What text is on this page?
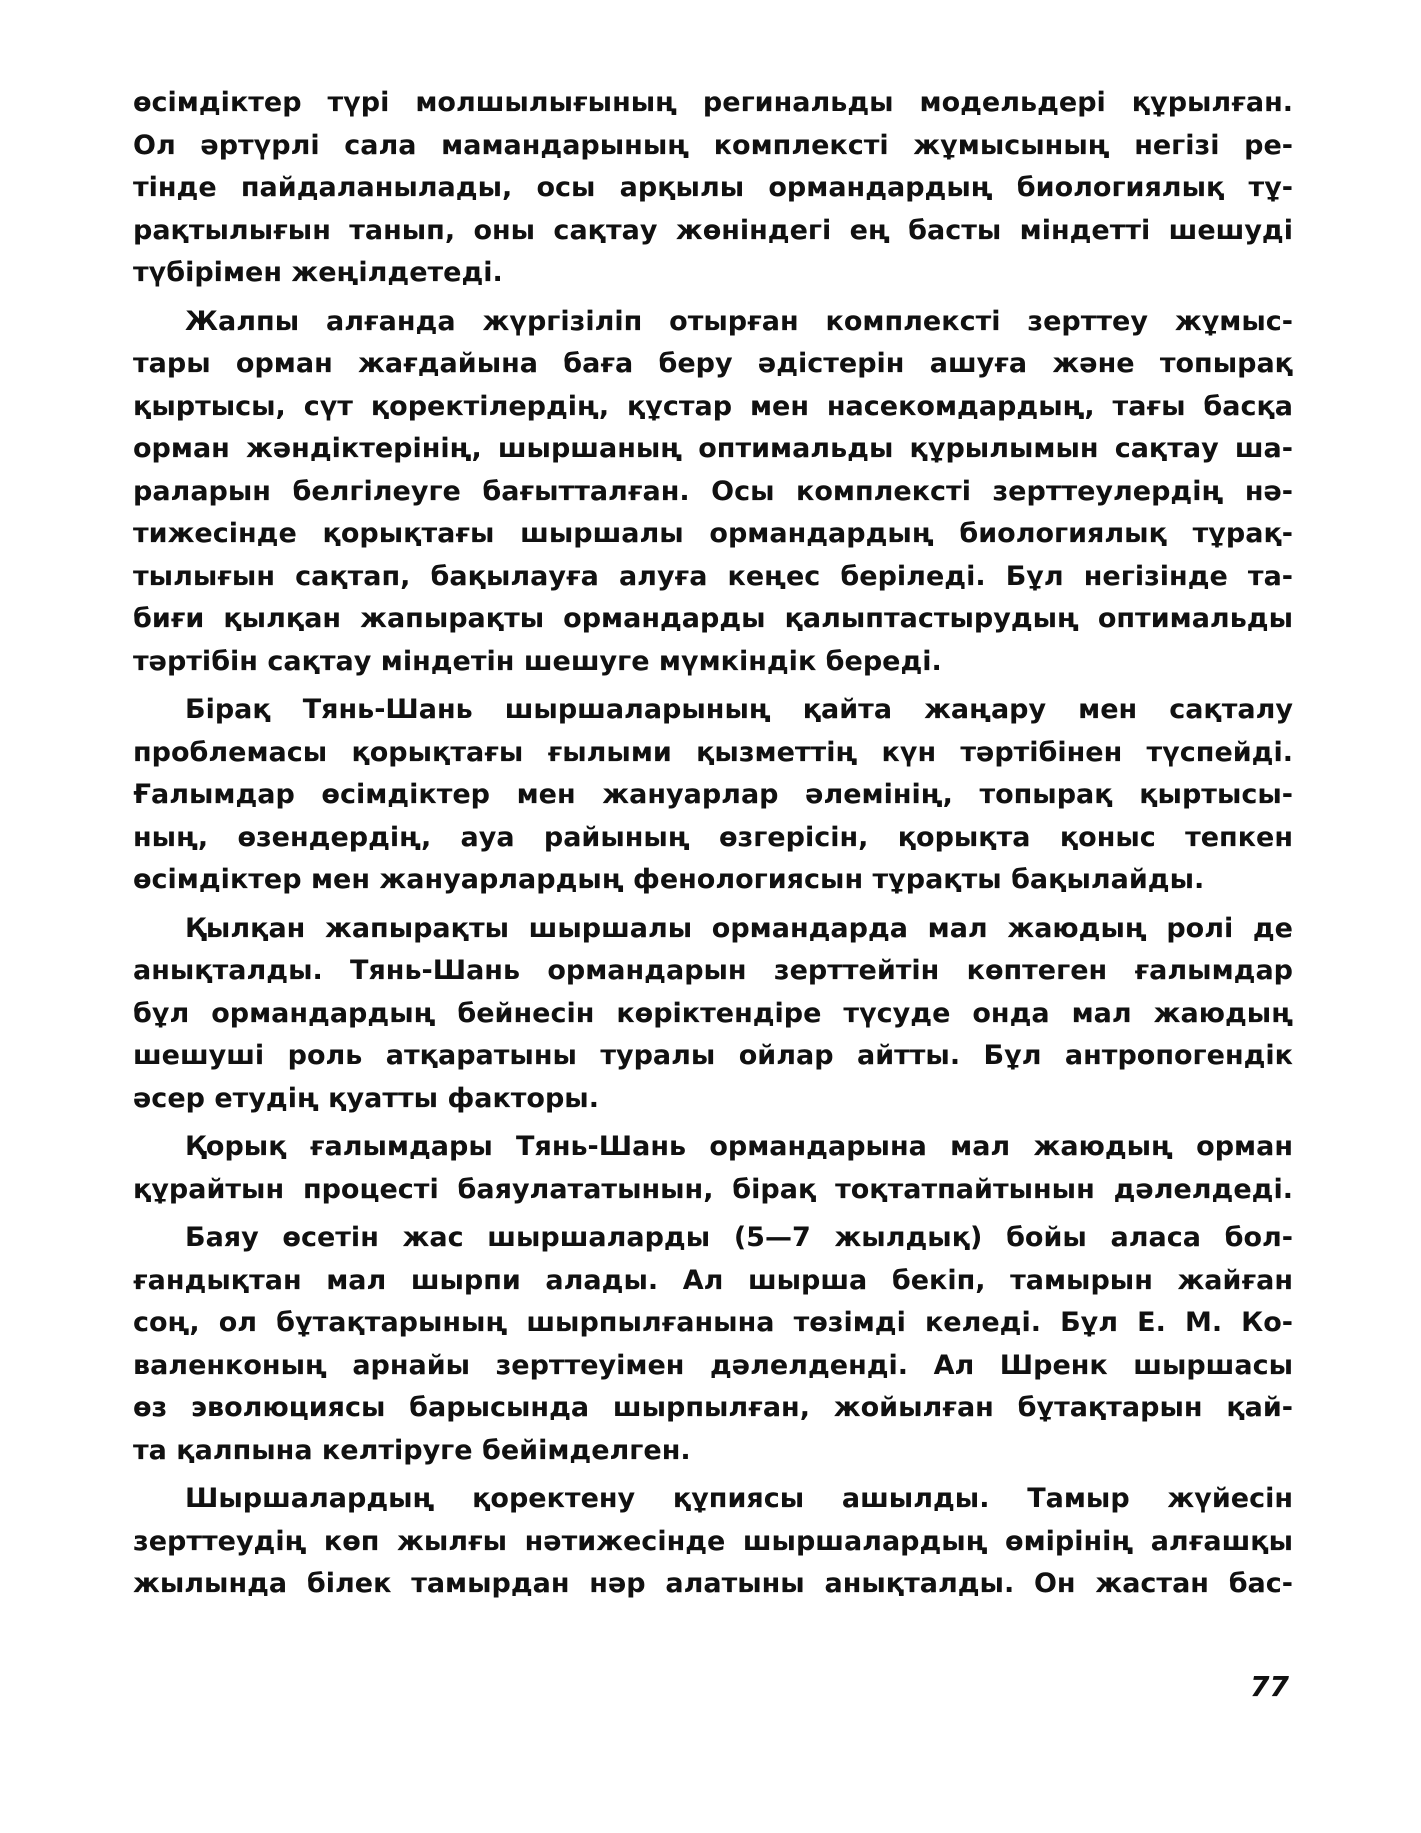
өсімдіктер түрі молшылығының регинальды модельдері құрылған.
Ол әртүрлі сала мамандарының комплексті жұмысының негізі ре-
тінде пайдаланылады, осы арқылы ормандардың биологиялық тұ-
рақтылығын танып, оны сақтау жөніндегі ең басты міндетті шешуді
түбірімен жеңілдетеді.
Жалпы алғанда жүргізіліп отырған комплексті зерттеу жұмыс-
тары орман жағдайына баға беру әдістерін ашуға және топырақ
қыртысы, сүт қоректілердің, құстар мен насекомдардың, тағы басқа
орман жәндіктерінің, шыршаның оптимальды құрылымын сақтау ша-
раларын белгілеуге бағытталған. Осы комплексті зерттеулердің нә-
тижесінде қорықтағы шыршалы ормандардың биологиялық тұрақ-
тылығын сақтап, бақылауға алуға кеңес беріледі. Бұл негізінде та-
биғи қылқан жапырақты ормандарды қалыптастырудың оптимальды
тәртібін сақтау міндетін шешуге мүмкіндік береді.
Бірақ Тянь-Шань шыршаларының қайта жаңару мен сақталу
проблемасы қорықтағы ғылыми қызметтің күн тәртібінен түспейді.
Ғалымдар өсімдіктер мен жануарлар әлемінің, топырақ қыртысы-
ның, өзендердің, ауа райының өзгерісін, қорықта қоныс тепкен
өсімдіктер мен жануарлардың фенологиясын тұрақты бақылайды.
Қылқан жапырақты шыршалы ормандарда мал жаюдың ролі де
анықталды. Тянь-Шань ормандарын зерттейтін көптеген ғалымдар
бұл ормандардың бейнесін көріктендіре түсуде онда мал жаюдың
шешуші роль атқаратыны туралы ойлар айтты. Бұл антропогендік
әсер етудің қуатты факторы.
Қорық ғалымдары Тянь-Шань ормандарына мал жаюдың орман
құрайтын процесті баяулататынын, бірақ тоқтатпайтынын дәлелдеді.
Баяу өсетін жас шыршаларды (5—7 жылдық) бойы аласа бол-
ғандықтан мал шырпи алады. Ал шырша бекіп, тамырын жайған
соң, ол бұтақтарының шырпылғанына төзімді келеді. Бұл Е. М. Ко-
валенконың арнайы зерттеуімен дәлелденді. Ал Шренк шыршасы
өз эволюциясы барысында шырпылған, жойылған бұтақтарын қай-
та қалпына келтіруге бейімделген.
Шыршалардың қоректену құпиясы ашылды. Тамыр жүйесін
зерттеудің көп жылғы нәтижесінде шыршалардың өмірінің алғашқы
жылында білек тамырдан нәр алатыны анықталды. Он жастан бас-
77
